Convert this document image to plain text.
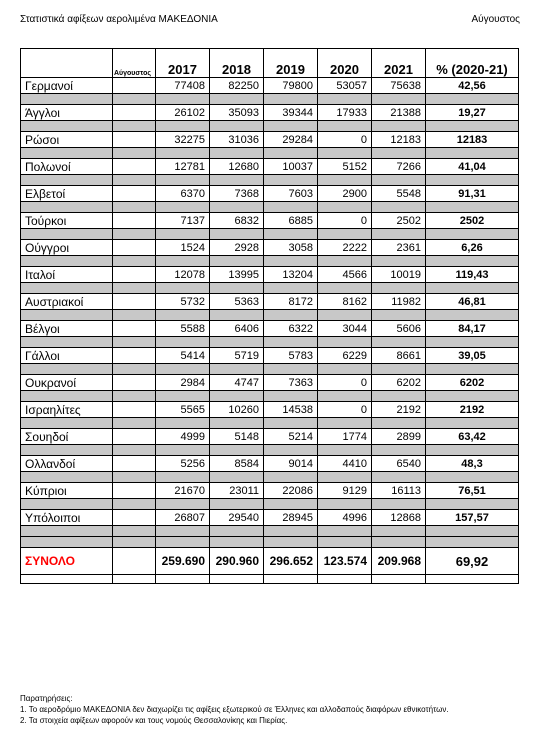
Στατιστικά αφίξεων αερολιμένα ΜΑΚΕΔΟΝΙΑ	Αύγουστος
	Αύγουστος	2017	2018	2019	2020	2021	% (2020-21)
Γερμανοί		77408	82250	79800	53057	75638	42,56

Άγγλοι		26102	35093	39344	17933	21388	19,27

Ρώσοι		32275	31036	29284	0	12183	12183

Πολωνοί		12781	12680	10037	5152	7266	41,04

Ελβετοί		6370	7368	7603	2900	5548	91,31

Τούρκοι		7137	6832	6885	0	2502	2502

Ούγγροι		1524	2928	3058	2222	2361	6,26

Ιταλοί		12078	13995	13204	4566	10019	119,43

Αυστριακοί		5732	5363	8172	8162	11982	46,81

Βέλγοι		5588	6406	6322	3044	5606	84,17

Γάλλοι		5414	5719	5783	6229	8661	39,05

Ουκρανοί		2984	4747	7363	0	6202	6202

Ισραηλίτες		5565	10260	14538	0	2192	2192

Σουηδοί		4999	5148	5214	1774	2899	63,42

Ολλανδοί		5256	8584	9014	4410	6540	48,3

Κύπριοι		21670	23011	22086	9129	16113	76,51

Υπόλοιποι		26807	29540	28945	4996	12868	157,57

ΣΥΝΟΛΟ		259.690	290.960	296.652	123.574	209.968	69,92

Παρατηρήσεις:
1. Το αεροδρόμιο ΜΑΚΕΔΟΝΙΑ δεν διαχωρίζει τις αφίξεις εξωτερικού σε Έλληνες και αλλοδαπούς διαφόρων εθνικοτήτων.
2. Τα στοιχεία αφίξεων αφορούν και τους νομούς Θεσσαλονίκης και Πιερίας.
